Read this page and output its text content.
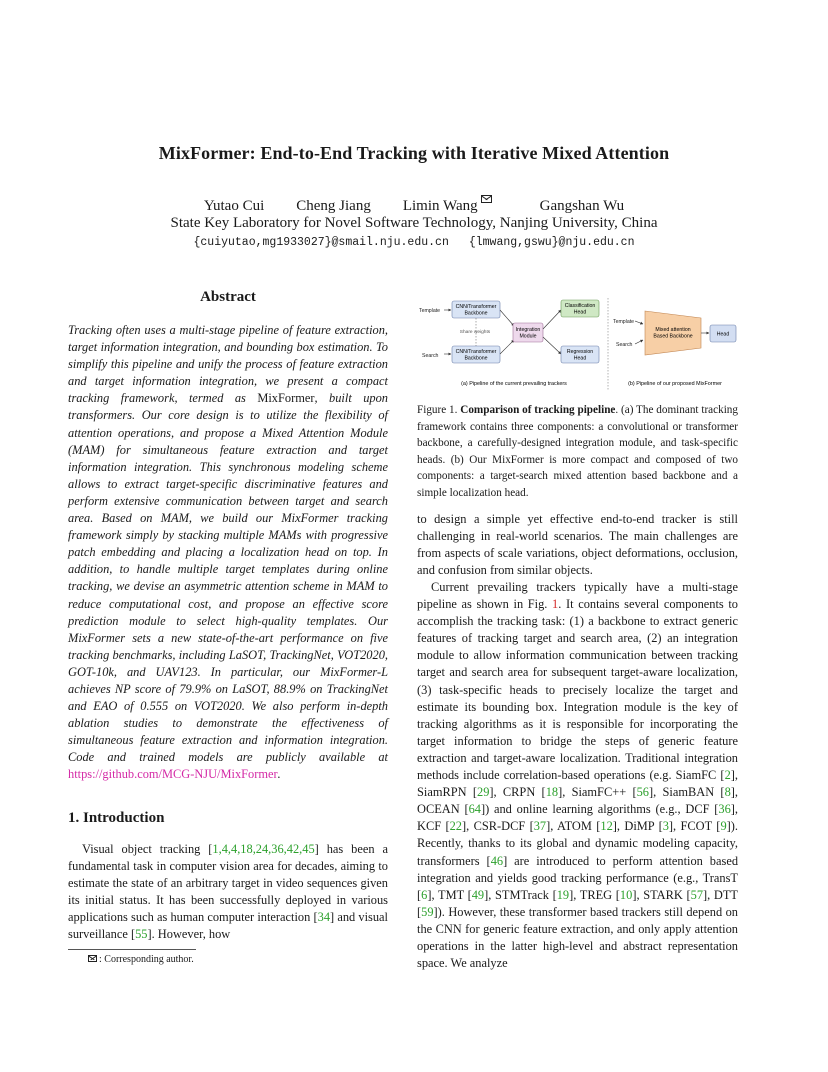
MixFormer: End-to-End Tracking with Iterative Mixed Attention
Yutao Cui Cheng Jiang Limin Wang	Gangshan Wu
State Key Laboratory for Novel Software Technology, Nanjing University, China
{cuiyutao,mg1933027}@smail.nju.edu.cn {lmwang,gswu}@nju.edu.cn
Abstract
Tracking often uses a multi-stage pipeline of feature extraction, target information integration, and bounding box estimation. To simplify this pipeline and unify the process of feature extraction and target information integration, we present a compact tracking framework, termed as MixFormer, built upon transformers. Our core design is to utilize the flexibility of attention operations, and propose a Mixed Attention Module (MAM) for simultaneous feature extraction and target information integration. This synchronous modeling scheme allows to extract target-specific discriminative features and perform extensive communication between target and search area. Based on MAM, we build our MixFormer tracking framework simply by stacking multiple MAMs with progressive patch embedding and placing a localization head on top. In addition, to handle multiple target templates during online tracking, we devise an asymmetric attention scheme in MAM to reduce computational cost, and propose an effective score prediction module to select high-quality templates. Our MixFormer sets a new state-of-the-art performance on five tracking benchmarks, including LaSOT, TrackingNet, VOT2020, GOT-10k, and UAV123. In particular, our MixFormer-L achieves NP score of 79.9% on LaSOT, 88.9% on TrackingNet and EAO of 0.555 on VOT2020. We also perform in-depth ablation studies to demonstrate the effectiveness of simultaneous feature extraction and information integration. Code and trained models are publicly available at https://github.com/MCG-NJU/MixFormer.
1. Introduction
Visual object tracking [1,4,4,18,24,36,42,45] has been a fundamental task in computer vision area for decades, aiming to estimate the state of an arbitrary target in video sequences given its initial status. It has been successfully deployed in various applications such as human computer interaction [34] and visual surveillance [55]. However, how
: Corresponding author.
Template
CNN/Transformer
Backbone
Search
CNN/Transformer
Backbone
Share weights	Integration
Module
Classification
Head
Regression
Head
Template
Search
Mixed attention
Based Backbone	Head
(a) Pipeline of the current prevailing trackers	(b) Pipeline of our proposed MixFormer
Figure 1. Comparison of tracking pipeline. (a) The dominant tracking framework contains three components: a convolutional or transformer backbone, a carefully-designed integration module, and task-specific heads. (b) Our MixFormer is more compact and composed of two components: a target-search mixed attention based backbone and a simple localization head.
to design a simple yet effective end-to-end tracker is still challenging in real-world scenarios. The main challenges are from aspects of scale variations, object deformations, occlusion, and confusion from similar objects.
Current prevailing trackers typically have a multi-stage pipeline as shown in Fig. 1. It contains several components to accomplish the tracking task: (1) a backbone to extract generic features of tracking target and search area, (2) an integration module to allow information communication between tracking target and search area for subsequent target-aware localization, (3) task-specific heads to precisely localize the target and estimate its bounding box. Integration module is the key of tracking algorithms as it is responsible for incorporating the target information to bridge the steps of generic feature extraction and target-aware localization. Traditional integration methods include correlation-based operations (e.g. SiamFC [2], SiamRPN [29], CRPN [18], SiamFC++ [56], SiamBAN [8], OCEAN [64]) and online learning algorithms (e.g., DCF [36], KCF [22], CSR-DCF [37], ATOM [12], DiMP [3], FCOT [9]). Recently, thanks to its global and dynamic modeling capacity, transformers [46] are introduced to perform attention based integration and yields good tracking performance (e.g., TransT [6], TMT [49], STMTrack [19], TREG [10], STARK [57], DTT [59]). However, these transformer based trackers still depend on the CNN for generic feature extraction, and only apply attention operations in the latter high-level and abstract representation space. We analyze
